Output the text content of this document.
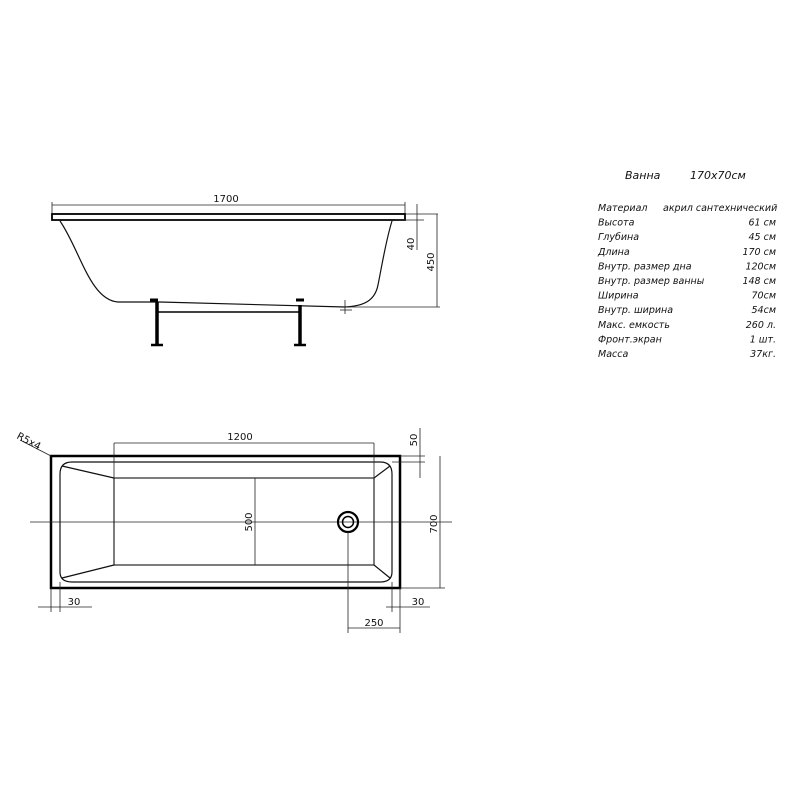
1700
40
450
Ванна	170х70см
Материал акрил сантехнический
Высота	61 см
Глубина	45 см
Длина	170 см
Внутр. размер дна	120см
Внутр. размер ванны	148 см
Ширина	70см
Внутр. ширина	54см
Макс. емкость	260 л.
Фронт.экран	1 шт.
Масса	37кг.
R5х4	1200
500
50
700
30	30
250
